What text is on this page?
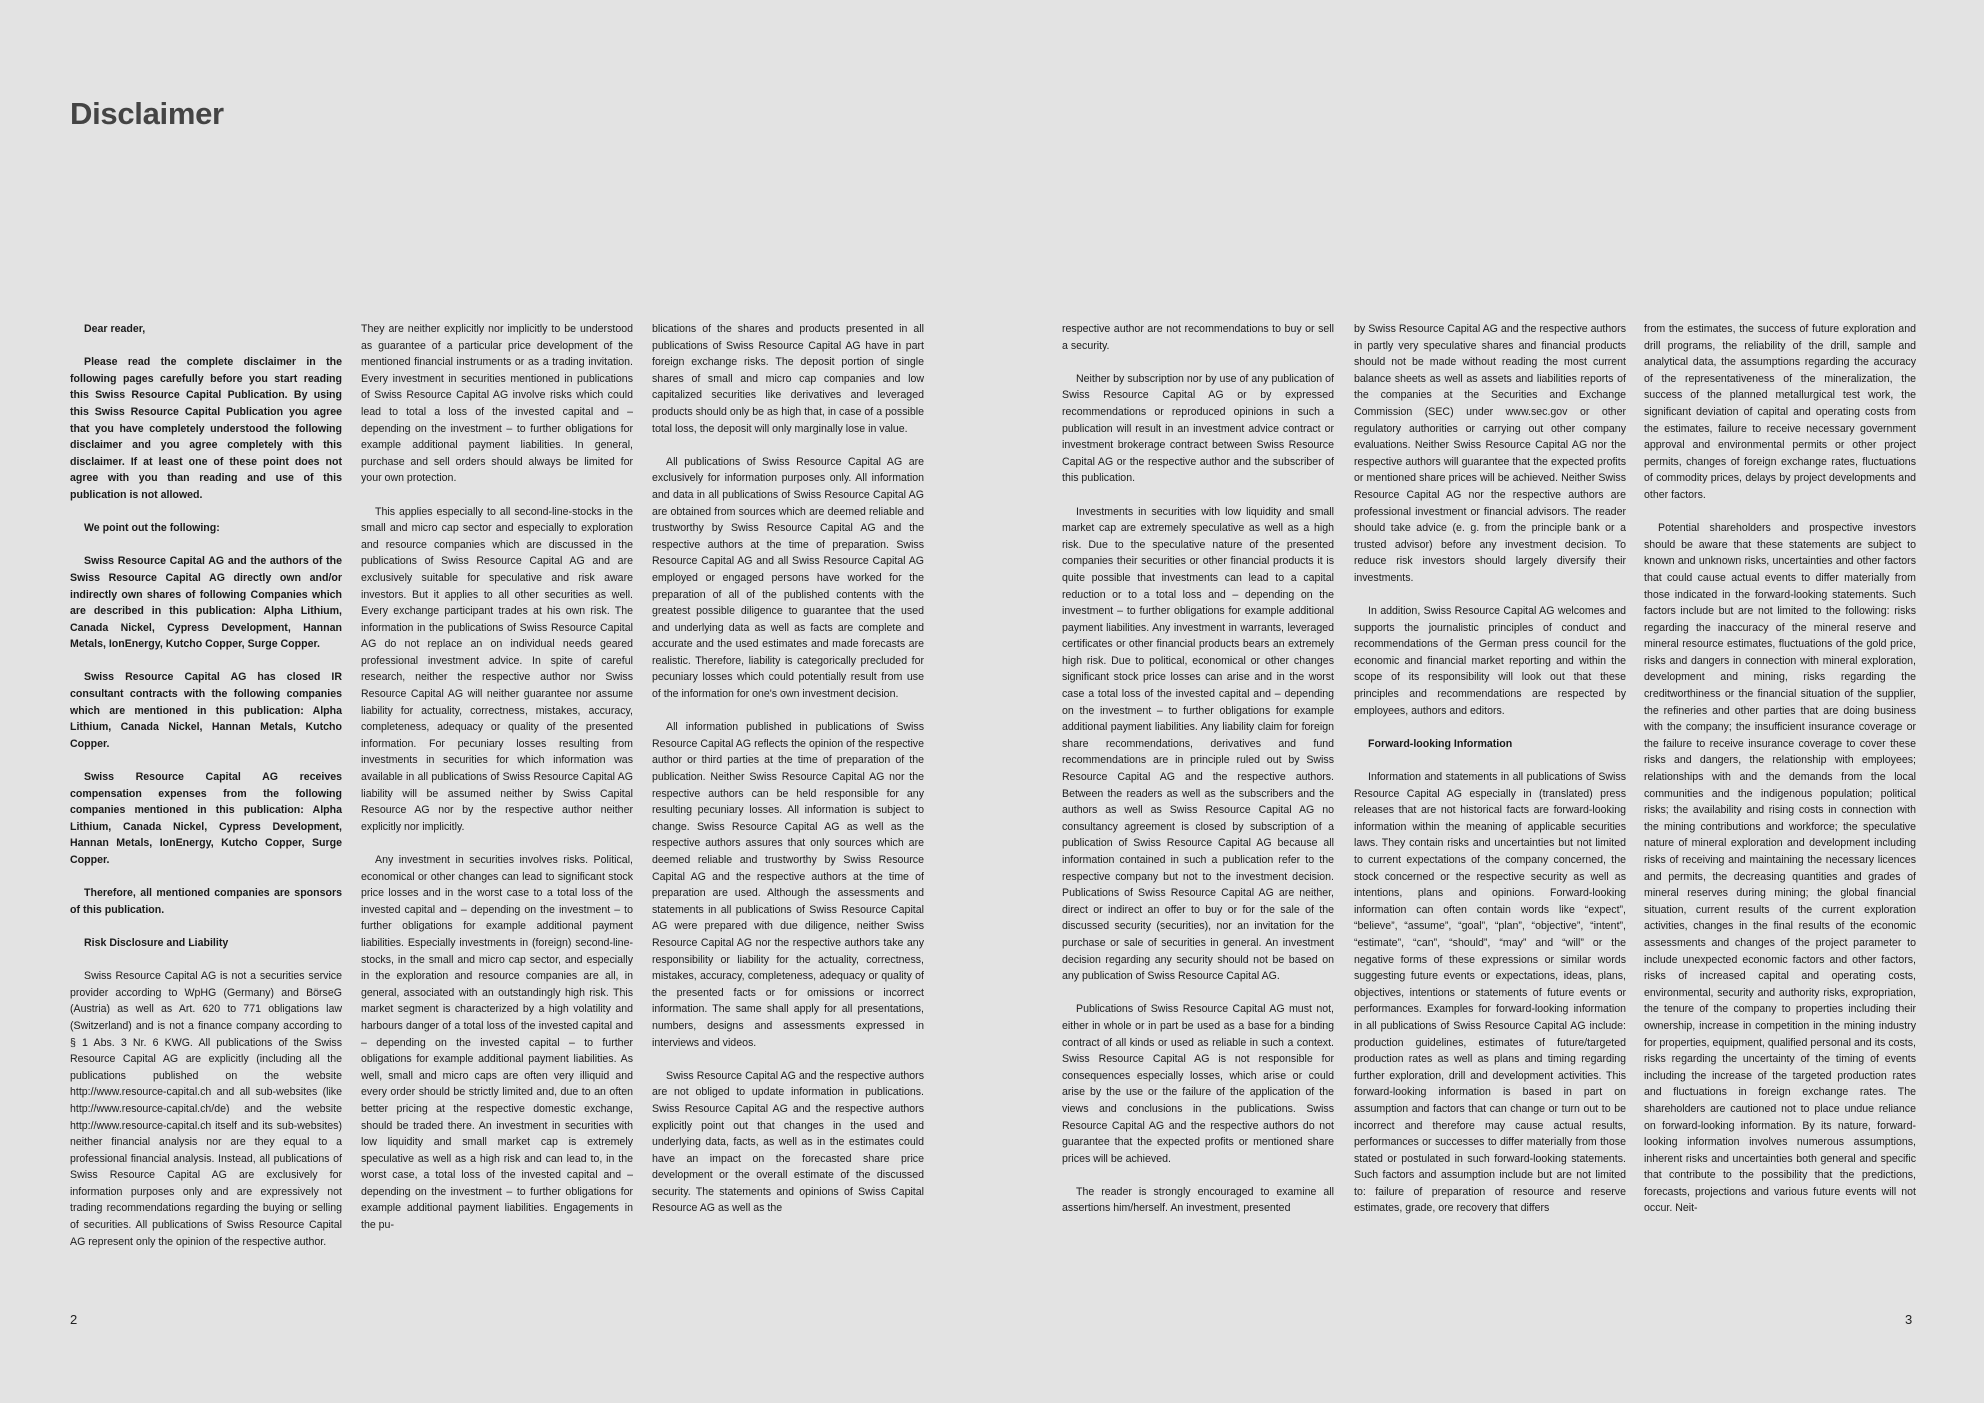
Disclaimer

Dear reader,

Please read the complete disclaimer in the following pages carefully before you start reading this Swiss Resource Capital Publication. By using this Swiss Resource Capital Publication you agree that you have completely understood the following disclaimer and you agree completely with this disclaimer. If at least one of these point does not agree with you than reading and use of this publication is not allowed.

We point out the following:

Swiss Resource Capital AG and the authors of the Swiss Resource Capital AG directly own and/or indirectly own shares of following Companies which are described in this publication: Alpha Lithium, Canada Nickel, Cypress Development, Hannan Metals, IonEnergy, Kutcho Copper, Surge Copper.

Swiss Resource Capital AG has closed IR consultant contracts with the following companies which are mentioned in this publication: Alpha Lithium, Canada Nickel, Hannan Metals, Kutcho Copper.

Swiss Resource Capital AG receives compensation expenses from the following companies mentioned in this publication: Alpha Lithium, Canada Nickel, Cypress Development, Hannan Metals, IonEnergy, Kutcho Copper, Surge Copper.

Therefore, all mentioned companies are sponsors of this publication.

Risk Disclosure and Liability

Swiss Resource Capital AG is not a securities service provider according to WpHG (Germany) and BörseG (Austria) as well as Art. 620 to 771 obligations law (Switzerland) and is not a finance company according to § 1 Abs. 3 Nr. 6 KWG. All publications of the Swiss Resource Capital AG are explicitly (including all the publications published on the website http://www.resource-capital.ch and all sub-websites (like http://www.resource-capital.ch/de) and the website http://www.resource-capital.ch itself and its sub-websites) neither financial analysis nor are they equal to a professional financial analysis. Instead, all publications of Swiss Resource Capital AG are exclusively for information purposes only and are expressively not trading recommendations regarding the buying or selling of securities. All publications of Swiss Resource Capital AG represent only the opinion of the respective author.

They are neither explicitly nor implicitly to be understood as guarantee of a particular price development of the mentioned financial instruments or as a trading invitation. Every investment in securities mentioned in publications of Swiss Resource Capital AG involve risks which could lead to total a loss of the invested capital and – depending on the investment – to further obligations for example additional payment liabilities. In general, purchase and sell orders should always be limited for your own protection.

This applies especially to all second-line-stocks in the small and micro cap sector and especially to exploration and resource companies which are discussed in the publications of Swiss Resource Capital AG and are exclusively suitable for speculative and risk aware investors. But it applies to all other securities as well. Every exchange participant trades at his own risk. The information in the publications of Swiss Resource Capital AG do not replace an on individual needs geared professional investment advice. In spite of careful research, neither the respective author nor Swiss Resource Capital AG will neither guarantee nor assume liability for actuality, correctness, mistakes, accuracy, completeness, adequacy or quality of the presented information. For pecuniary losses resulting from investments in securities for which information was available in all publications of Swiss Resource Capital AG liability will be assumed neither by Swiss Capital Resource AG nor by the respective author neither explicitly nor implicitly.

Any investment in securities involves risks. Political, economical or other changes can lead to significant stock price losses and in the worst case to a total loss of the invested capital and – depending on the investment – to further obligations for example additional payment liabilities. Especially investments in (foreign) second-line-stocks, in the small and micro cap sector, and especially in the exploration and resource companies are all, in general, associated with an outstandingly high risk. This market segment is characterized by a high volatility and harbours danger of a total loss of the invested capital and – depending on the invested capital – to further obligations for example additional payment liabilities. As well, small and micro caps are often very illiquid and every order should be strictly limited and, due to an often better pricing at the respective domestic exchange, should be traded there. An investment in securities with low liquidity and small market cap is extremely speculative as well as a high risk and can lead to, in the worst case, a total loss of the invested capital and – depending on the investment – to further obligations for example additional payment liabilities. Engagements in the pu-

blications of the shares and products presented in all publications of Swiss Resource Capital AG have in part foreign exchange risks. The deposit portion of single shares of small and micro cap companies and low capitalized securities like derivatives and leveraged products should only be as high that, in case of a possible total loss, the deposit will only marginally lose in value.

All publications of Swiss Resource Capital AG are exclusively for information purposes only. All information and data in all publications of Swiss Resource Capital AG are obtained from sources which are deemed reliable and trustworthy by Swiss Resource Capital AG and the respective authors at the time of preparation. Swiss Resource Capital AG and all Swiss Resource Capital AG employed or engaged persons have worked for the preparation of all of the published contents with the greatest possible diligence to guarantee that the used and underlying data as well as facts are complete and accurate and the used estimates and made forecasts are realistic. Therefore, liability is categorically precluded for pecuniary losses which could potentially result from use of the information for one's own investment decision.

All information published in publications of Swiss Resource Capital AG reflects the opinion of the respective author or third parties at the time of preparation of the publication. Neither Swiss Resource Capital AG nor the respective authors can be held responsible for any resulting pecuniary losses. All information is subject to change. Swiss Resource Capital AG as well as the respective authors assures that only sources which are deemed reliable and trustworthy by Swiss Resource Capital AG and the respective authors at the time of preparation are used. Although the assessments and statements in all publications of Swiss Resource Capital AG were prepared with due diligence, neither Swiss Resource Capital AG nor the respective authors take any responsibility or liability for the actuality, correctness, mistakes, accuracy, completeness, adequacy or quality of the presented facts or for omissions or incorrect information. The same shall apply for all presentations, numbers, designs and assessments expressed in interviews and videos.

Swiss Resource Capital AG and the respective authors are not obliged to update information in publications. Swiss Resource Capital AG and the respective authors explicitly point out that changes in the used and underlying data, facts, as well as in the estimates could have an impact on the forecasted share price development or the overall estimate of the discussed security. The statements and opinions of Swiss Capital Resource AG as well as the

respective author are not recommendations to buy or sell a security.

Neither by subscription nor by use of any publication of Swiss Resource Capital AG or by expressed recommendations or reproduced opinions in such a publication will result in an investment advice contract or investment brokerage contract between Swiss Resource Capital AG or the respective author and the subscriber of this publication.

Investments in securities with low liquidity and small market cap are extremely speculative as well as a high risk. Due to the speculative nature of the presented companies their securities or other financial products it is quite possible that investments can lead to a capital reduction or to a total loss and – depending on the investment – to further obligations for example additional payment liabilities. Any investment in warrants, leveraged certificates or other financial products bears an extremely high risk. Due to political, economical or other changes significant stock price losses can arise and in the worst case a total loss of the invested capital and – depending on the investment – to further obligations for example additional payment liabilities. Any liability claim for foreign share recommendations, derivatives and fund recommendations are in principle ruled out by Swiss Resource Capital AG and the respective authors. Between the readers as well as the subscribers and the authors as well as Swiss Resource Capital AG no consultancy agreement is closed by subscription of a publication of Swiss Resource Capital AG because all information contained in such a publication refer to the respective company but not to the investment decision. Publications of Swiss Resource Capital AG are neither, direct or indirect an offer to buy or for the sale of the discussed security (securities), nor an invitation for the purchase or sale of securities in general. An investment decision regarding any security should not be based on any publication of Swiss Resource Capital AG.

Publications of Swiss Resource Capital AG must not, either in whole or in part be used as a base for a binding contract of all kinds or used as reliable in such a context. Swiss Resource Capital AG is not responsible for consequences especially losses, which arise or could arise by the use or the failure of the application of the views and conclusions in the publications. Swiss Resource Capital AG and the respective authors do not guarantee that the expected profits or mentioned share prices will be achieved.

The reader is strongly encouraged to examine all assertions him/herself. An investment, presented

by Swiss Resource Capital AG and the respective authors in partly very speculative shares and financial products should not be made without reading the most current balance sheets as well as assets and liabilities reports of the companies at the Securities and Exchange Commission (SEC) under www.sec.gov or other regulatory authorities or carrying out other company evaluations. Neither Swiss Resource Capital AG nor the respective authors will guarantee that the expected profits or mentioned share prices will be achieved. Neither Swiss Resource Capital AG nor the respective authors are professional investment or financial advisors. The reader should take advice (e. g. from the principle bank or a trusted advisor) before any investment decision. To reduce risk investors should largely diversify their investments.

In addition, Swiss Resource Capital AG welcomes and supports the journalistic principles of conduct and recommendations of the German press council for the economic and financial market reporting and within the scope of its responsibility will look out that these principles and recommendations are respected by employees, authors and editors.

Forward-looking Information

Information and statements in all publications of Swiss Resource Capital AG especially in (translated) press releases that are not historical facts are forward-looking information within the meaning of applicable securities laws. They contain risks and uncertainties but not limited to current expectations of the company concerned, the stock concerned or the respective security as well as intentions, plans and opinions. Forward-looking information can often contain words like “expect”, “believe”, “assume”, “goal”, “plan”, “objective”, “intent”, “estimate”, “can”, “should”, “may” and “will” or the negative forms of these expressions or similar words suggesting future events or expectations, ideas, plans, objectives, intentions or statements of future events or performances. Examples for forward-looking information in all publications of Swiss Resource Capital AG include: production guidelines, estimates of future/targeted production rates as well as plans and timing regarding further exploration, drill and development activities. This forward-looking information is based in part on assumption and factors that can change or turn out to be incorrect and therefore may cause actual results, performances or successes to differ materially from those stated or postulated in such forward-looking statements. Such factors and assumption include but are not limited to: failure of preparation of resource and reserve estimates, grade, ore recovery that differs

from the estimates, the success of future exploration and drill programs, the reliability of the drill, sample and analytical data, the assumptions regarding the accuracy of the representativeness of the mineralization, the success of the planned metallurgical test work, the significant deviation of capital and operating costs from the estimates, failure to receive necessary government approval and environmental permits or other project permits, changes of foreign exchange rates, fluctuations of commodity prices, delays by project developments and other factors.

Potential shareholders and prospective investors should be aware that these statements are subject to known and unknown risks, uncertainties and other factors that could cause actual events to differ materially from those indicated in the forward-looking statements. Such factors include but are not limited to the following: risks regarding the inaccuracy of the mineral reserve and mineral resource estimates, fluctuations of the gold price, risks and dangers in connection with mineral exploration, development and mining, risks regarding the creditworthiness or the financial situation of the supplier, the refineries and other parties that are doing business with the company; the insufficient insurance coverage or the failure to receive insurance coverage to cover these risks and dangers, the relationship with employees; relationships with and the demands from the local communities and the indigenous population; political risks; the availability and rising costs in connection with the mining contributions and workforce; the speculative nature of mineral exploration and development including risks of receiving and maintaining the necessary licences and permits, the decreasing quantities and grades of mineral reserves during mining; the global financial situation, current results of the current exploration activities, changes in the final results of the economic assessments and changes of the project parameter to include unexpected economic factors and other factors, risks of increased capital and operating costs, environmental, security and authority risks, expropriation, the tenure of the company to properties including their ownership, increase in competition in the mining industry for properties, equipment, qualified personal and its costs, risks regarding the uncertainty of the timing of events including the increase of the targeted production rates and fluctuations in foreign exchange rates. The shareholders are cautioned not to place undue reliance on forward-looking information. By its nature, forward-looking information involves numerous assumptions, inherent risks and uncertainties both general and specific that contribute to the possibility that the predictions, forecasts, projections and various future events will not occur. Neit-

2	3
